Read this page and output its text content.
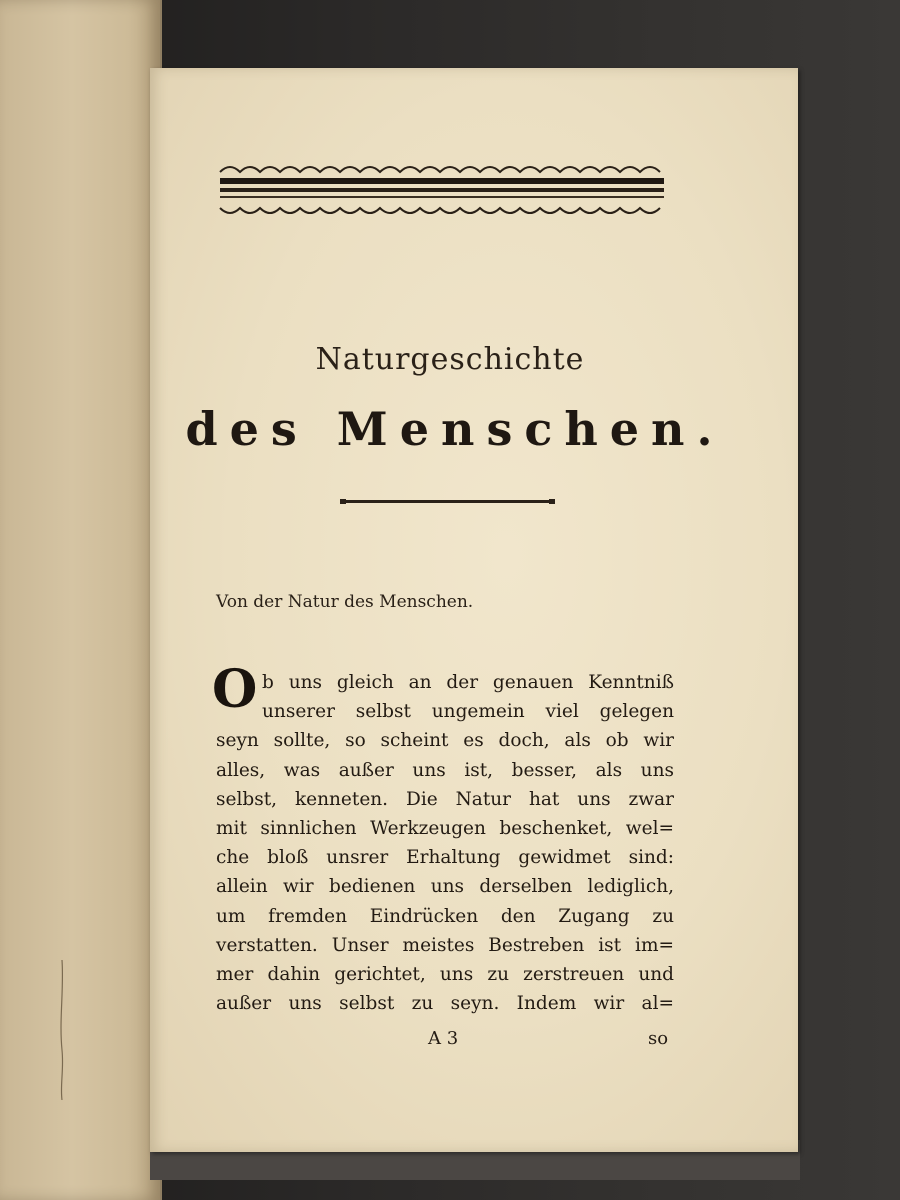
Naturgeschichte
des Menschen.
Von der Natur des Menschen.
O b uns gleich an der genauen Kenntniß
unserer selbst ungemein viel gelegen
seyn sollte, so scheint es doch, als ob wir
alles, was außer uns ist, besser, als uns
selbst, kenneten. Die Natur hat uns zwar
mit sinnlichen Werkzeugen beschenket, wel=
che bloß unsrer Erhaltung gewidmet sind:
allein wir bedienen uns derselben lediglich,
um fremden Eindrücken den Zugang zu
verstatten. Unser meistes Bestreben ist im=
mer dahin gerichtet, uns zu zerstreuen und
außer uns selbst zu seyn. Indem wir al=
A 3	so
